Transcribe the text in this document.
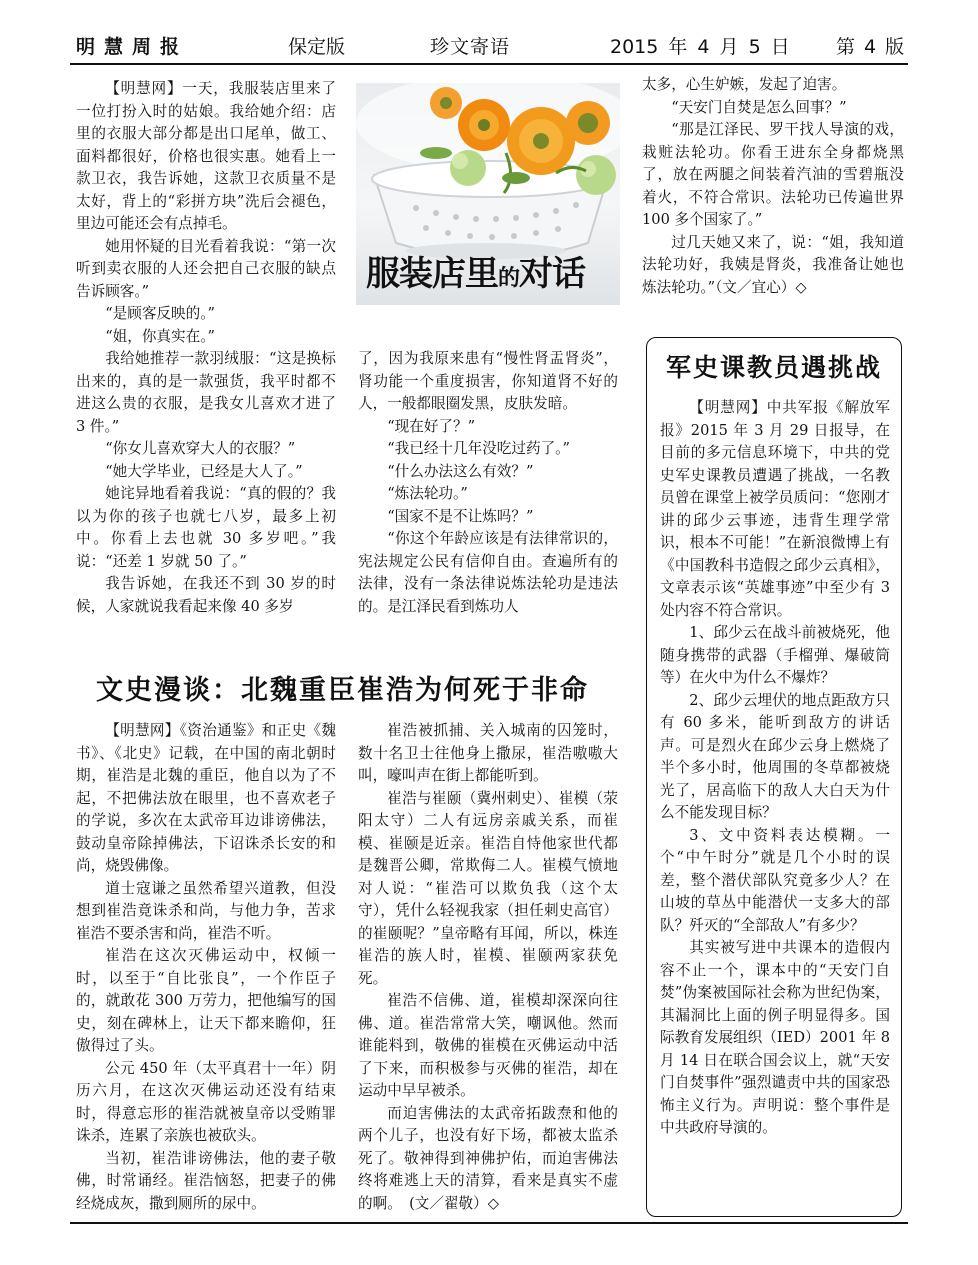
明慧周报	保定版	珍文寄语	2015 年 4 月 5 日 第 4 版

【明慧网】一天，我服装店里来了一位打扮入时的姑娘。我给她介绍：店里的衣服大部分都是出口尾单，做工、面料都很好，价格也很实惠。她看上一款卫衣，我告诉她，这款卫衣质量不是太好，背上的“彩拼方块”洗后会褪色，里边可能还会有点掉毛。

她用怀疑的目光看着我说：“第一次听到卖衣服的人还会把自己衣服的缺点告诉顾客。”

“是顾客反映的。”

“姐，你真实在。”

我给她推荐一款羽绒服：“这是换标出来的，真的是一款强货，我平时都不进这么贵的衣服，是我女儿喜欢才进了 3 件。”

“你女儿喜欢穿大人的衣服？”

“她大学毕业，已经是大人了。”

她诧异地看着我说：“真的假的？我以为你的孩子也就七八岁，最多上初中。你看上去也就 30 多岁吧。”我说：“还差 1 岁就 50 了。”

我告诉她，在我还不到 30 岁的时候，人家就说我看起来像 40 多岁

服装店里的对话

了，因为我原来患有“慢性肾盂肾炎”，肾功能一个重度损害，你知道肾不好的人，一般都眼圈发黑，皮肤发暗。

“现在好了？”

“我已经十几年没吃过药了。”

“什么办法这么有效？”

“炼法轮功。”

“国家不是不让炼吗？”

“你这个年龄应该是有法律常识的，宪法规定公民有信仰自由。查遍所有的法律，没有一条法律说炼法轮功是违法的。是江泽民看到炼功人

太多，心生妒嫉，发起了迫害。

“天安门自焚是怎么回事？”

“那是江泽民、罗干找人导演的戏，栽赃法轮功。你看王进东全身都烧黑了，放在两腿之间装着汽油的雪碧瓶没着火，不符合常识。法轮功已传遍世界 100 多个国家了。”

过几天她又来了，说：“姐，我知道法轮功好，我姨是肾炎，我准备让她也炼法轮功。”（文／宜心）◇

文史漫谈：北魏重臣崔浩为何死于非命

【明慧网】《资治通鉴》和正史《魏书》、《北史》记载，在中国的南北朝时期，崔浩是北魏的重臣，他自以为了不起，不把佛法放在眼里，也不喜欢老子的学说，多次在太武帝耳边诽谤佛法，鼓动皇帝除掉佛法，下诏诛杀长安的和尚，烧毁佛像。

道士寇谦之虽然希望兴道教，但没想到崔浩竟诛杀和尚，与他力争，苦求崔浩不要杀害和尚，崔浩不听。

崔浩在这次灭佛运动中，权倾一时，以至于“自比张良”，一个作臣子的，就敢花 300 万劳力，把他编写的国史，刻在碑林上，让天下都来瞻仰，狂傲得过了头。

公元 450 年（太平真君十一年）阴历六月，在这次灭佛运动还没有结束时，得意忘形的崔浩就被皇帝以受贿罪诛杀，连累了亲族也被砍头。

当初，崔浩诽谤佛法，他的妻子敬佛，时常诵经。崔浩恼怒，把妻子的佛经烧成灰，撒到厕所的尿中。

崔浩被抓捕、关入城南的囚笼时，数十名卫士往他身上撒尿，崔浩嗷嗷大叫，嚎叫声在街上都能听到。

崔浩与崔颐（冀州刺史）、崔模（荥阳太守）二人有远房亲戚关系，而崔模、崔颐是近亲。崔浩自恃他家世代都是魏晋公卿，常欺侮二人。崔模气愤地对人说：“崔浩可以欺负我（这个太守），凭什么轻视我家（担任刺史高官）的崔颐呢？”皇帝略有耳闻，所以，株连崔浩的族人时，崔模、崔颐两家获免死。

崔浩不信佛、道，崔模却深深向往佛、道。崔浩常常大笑，嘲讽他。然而谁能料到，敬佛的崔模在灭佛运动中活了下来，而积极参与灭佛的崔浩，却在运动中早早被杀。

而迫害佛法的太武帝拓跋焘和他的两个儿子，也没有好下场，都被太监杀死了。敬神得到神佛护佑，而迫害佛法终将难逃上天的清算，看来是真实不虚的啊。　(文／翟敬）◇

军史课教员遇挑战

【明慧网】中共军报《解放军报》2015 年 3 月 29 日报导，在目前的多元信息环境下，中共的党史军史课教员遭遇了挑战，一名教员曾在课堂上被学员质问：“您刚才讲的邱少云事迹，违背生理学常识，根本不可能！”在新浪微博上有《中国教科书造假之邱少云真相》，文章表示该“英雄事迹”中至少有 3 处内容不符合常识。

1、邱少云在战斗前被烧死，他随身携带的武器（手榴弹、爆破筒等）在火中为什么不爆炸？

2、邱少云埋伏的地点距敌方只有 60 多米，能听到敌方的讲话声。可是烈火在邱少云身上燃烧了半个多小时，他周围的冬草都被烧光了，居高临下的敌人大白天为什么不能发现目标？

3、文中资料表达模糊。一个“中午时分”就是几个小时的误差，整个潜伏部队究竟多少人？在山坡的草丛中能潜伏一支多大的部队？歼灭的“全部敌人”有多少？

其实被写进中共课本的造假内容不止一个，课本中的“天安门自焚”伪案被国际社会称为世纪伪案，其漏洞比上面的例子明显得多。国际教育发展组织（IED）2001 年 8 月 14 日在联合国会议上，就“天安门自焚事件”强烈谴责中共的国家恐怖主义行为。声明说：整个事件是中共政府导演的。
